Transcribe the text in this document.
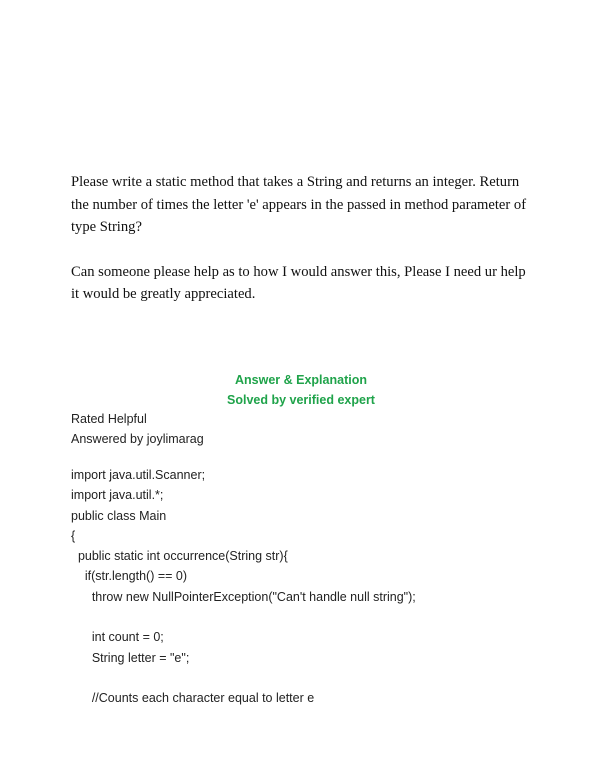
Please write a static method that takes a String and returns an integer. Return the number of times the letter 'e' appears in the passed in method parameter of type String?

Can someone please help as to how I would answer this, Please I need ur help it would be greatly appreciated.

Answer & Explanation
Solved by verified expert
Rated Helpful
Answered by joylimarag
import java.util.Scanner;
import java.util.*;
public class Main
{
public static int occurrence(String str){
if(str.length() == 0)
throw new NullPointerException("Can't handle null string");
int count = 0;
String letter = "e";
//Counts each character equal to letter e
